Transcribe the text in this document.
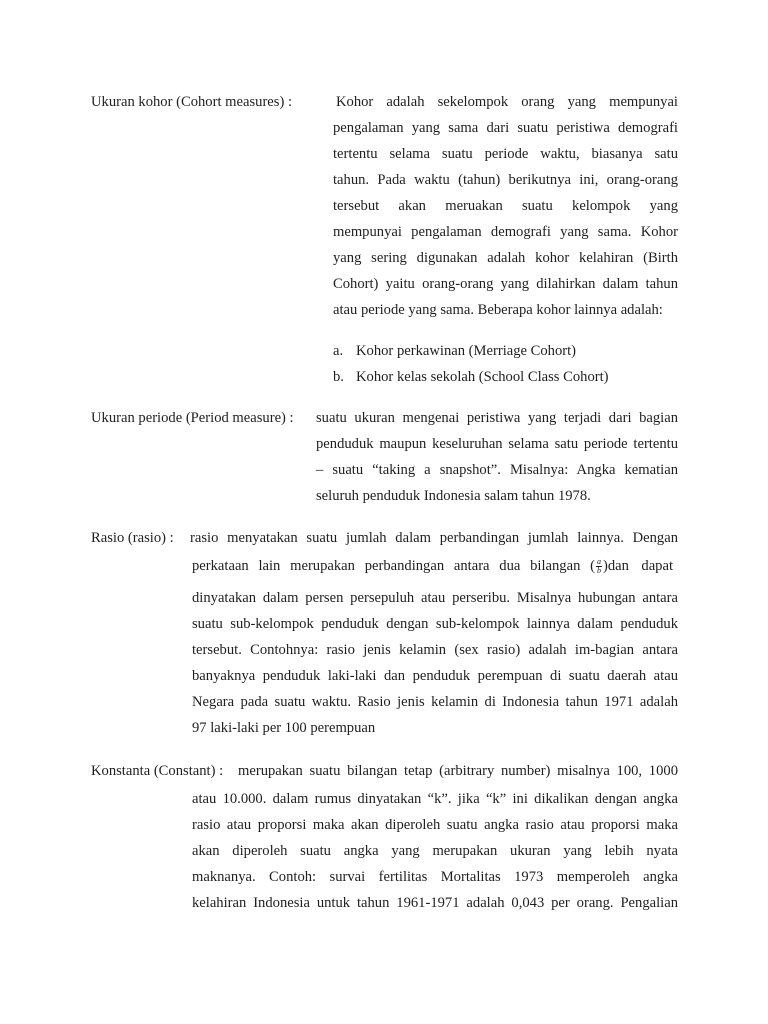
Ukuran kohor (Cohort measures) :	Kohor adalah sekelompok orang yang mempunyai
pengalaman yang sama dari suatu peristiwa demografi
tertentu selama suatu periode waktu, biasanya satu
tahun. Pada waktu (tahun) berikutnya ini, orang-orang
tersebut akan meruakan suatu kelompok yang
mempunyai pengalaman demografi yang sama. Kohor
yang sering digunakan adalah kohor kelahiran (Birth
Cohort) yaitu orang-orang yang dilahirkan dalam tahun
atau periode yang sama. Beberapa kohor lainnya adalah:
a. Kohor perkawinan (Merriage Cohort)
b. Kohor kelas sekolah (School Class Cohort)
Ukuran periode (Period measure) : suatu ukuran mengenai peristiwa yang terjadi dari bagian
penduduk maupun keseluruhan selama satu periode tertentu
– suatu “taking a snapshot”. Misalnya: Angka kematian
seluruh penduduk Indonesia salam tahun 1978.
Rasio (rasio) : rasio menyatakan suatu jumlah dalam perbandingan jumlah lainnya. Dengan
perkataan lain merupakan perbandingan antara dua bilangan ( $\frac{a}{b} )dan$ dapat
dinyatakan dalam persen persepuluh atau perseribu. Misalnya hubungan antara
suatu sub-kelompok penduduk dengan sub-kelompok lainnya dalam penduduk
tersebut. Contohnya: rasio jenis kelamin (sex rasio) adalah im-bagian antara
banyaknya penduduk laki-laki dan penduduk perempuan di suatu daerah atau
Negara pada suatu waktu. Rasio jenis kelamin di Indonesia tahun 1971 adalah
97 laki-laki per 100 perempuan
Konstanta (Constant) : merupakan suatu bilangan tetap (arbitrary number) misalnya 100, 1000
atau 10.000. dalam rumus dinyatakan “k”. jika “k” ini dikalikan dengan angka
rasio atau proporsi maka akan diperoleh suatu angka rasio atau proporsi maka
akan diperoleh suatu angka yang merupakan ukuran yang lebih nyata
maknanya. Contoh: survai fertilitas Mortalitas 1973 memperoleh angka
kelahiran Indonesia untuk tahun 1961-1971 adalah 0,043 per orang. Pengalian
